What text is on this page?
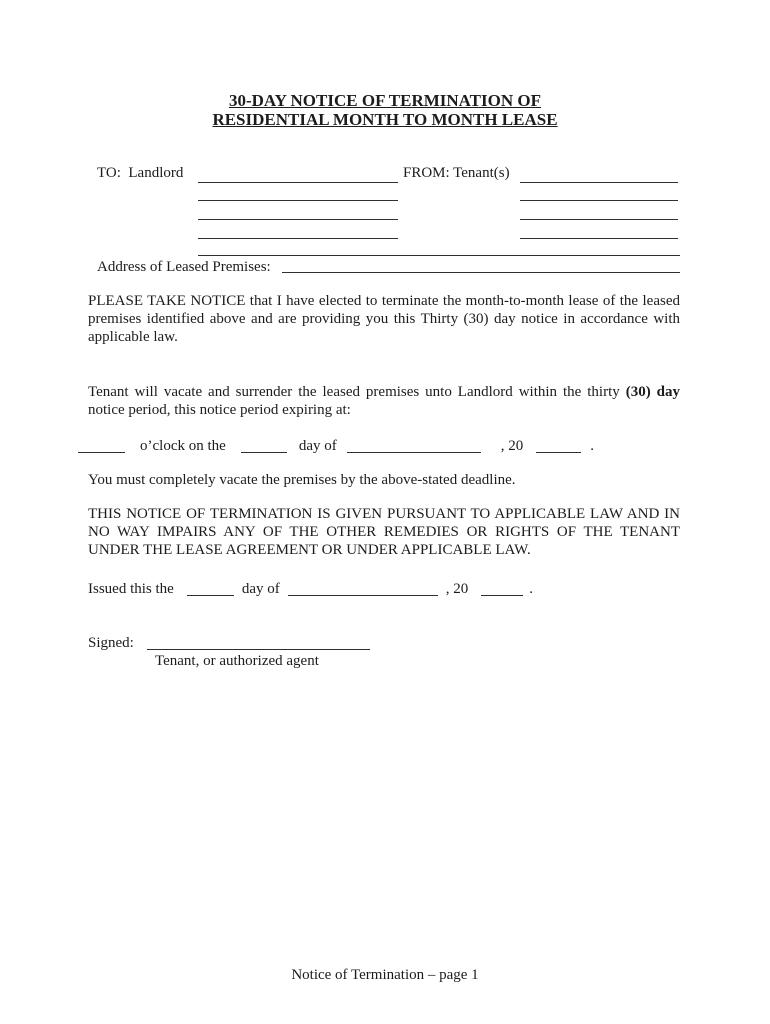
30-DAY NOTICE OF TERMINATION OF
RESIDENTIAL MONTH TO MONTH LEASE
TO:  Landlord	FROM: Tenant(s)
Address of Leased Premises:
PLEASE TAKE NOTICE that I have elected to terminate the month-to-month lease of the leased premises identified above and are providing you this Thirty (30) day notice in accordance with applicable law.
Tenant will vacate and surrender the leased premises unto Landlord within the thirty (30) day notice period, this notice period expiring at:
o’clock on the	day of	, 20	.
You must completely vacate the premises by the above-stated deadline.
THIS NOTICE OF TERMINATION IS GIVEN PURSUANT TO APPLICABLE LAW AND IN NO WAY IMPAIRS ANY OF THE OTHER REMEDIES OR RIGHTS OF THE TENANT UNDER THE LEASE AGREEMENT OR UNDER APPLICABLE LAW.
Issued this the	day of	, 20	.
Signed:
Tenant, or authorized agent
Notice of Termination – page 1
